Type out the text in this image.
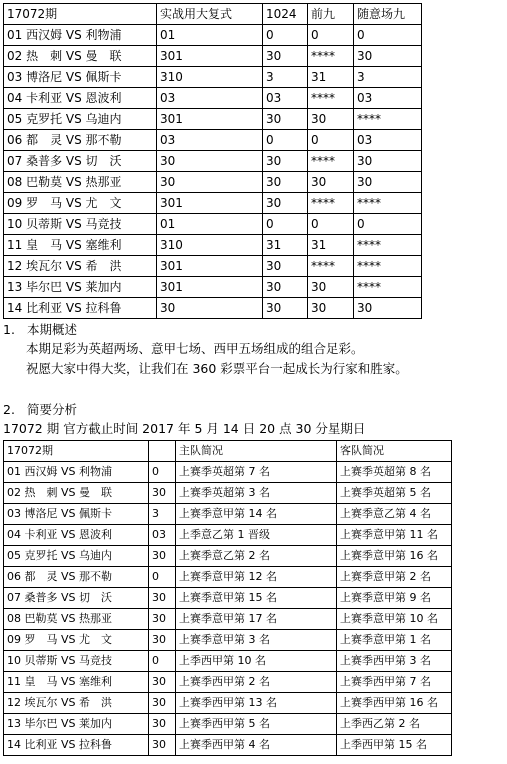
17072期	实战用大复式	1024	前九	随意场九
01 西汉姆 VS 利物浦	01	0	0	0
02 热　刺 VS 曼　联	301	30	****	30
03 博洛尼 VS 佩斯卡	310	3	31	3
04 卡利亚 VS 恩波利	03	03	****	03
05 克罗托 VS 乌迪内	301	30	30	****
06 都　灵 VS 那不勒	03	0	0	03
07 桑普多 VS 切　沃	30	30	****	30
08 巴勒莫 VS 热那亚	30	30	30	30
09 罗　马 VS 尤　文	301	30	****	****
10 贝蒂斯 VS 马竞技	01	0	0	0
11 皇　马 VS 塞维利	310	31	31	****
12 埃瓦尔 VS 希　洪	301	30	****	****
13 毕尔巴 VS 莱加内	301	30	30	****
14 比利亚 VS 拉科鲁	30	30	30	30
1. 本期概述
本期足彩为英超两场、意甲七场、西甲五场组成的组合足彩。
祝愿大家中得大奖，让我们在 360 彩票平台一起成长为行家和胜家。
2. 简要分析
17072 期 官方截止时间 2017 年 5 月 14 日 20 点 30 分星期日
17072期		主队简况	客队简况
01 西汉姆 VS 利物浦	0	上赛季英超第 7 名	上赛季英超第 8 名
02 热　刺 VS 曼　联	30	上赛季英超第 3 名	上赛季英超第 5 名
03 博洛尼 VS 佩斯卡	3	上赛季意甲第 14 名	上赛季意乙第 4 名
04 卡利亚 VS 恩波利	03	上季意乙第 1 晋级	上赛季意甲第 11 名
05 克罗托 VS 乌迪内	30	上赛季意乙第 2 名	上赛季意甲第 16 名
06 都　灵 VS 那不勒	0	上赛季意甲第 12 名	上赛季意甲第 2 名
07 桑普多 VS 切　沃	30	上赛季意甲第 15 名	上赛季意甲第 9 名
08 巴勒莫 VS 热那亚	30	上赛季意甲第 17 名	上赛季意甲第 10 名
09 罗　马 VS 尤　文	30	上赛季意甲第 3 名	上赛季意甲第 1 名
10 贝蒂斯 VS 马竞技	0	上季西甲第 10 名	上赛季西甲第 3 名
11 皇　马 VS 塞维利	30	上赛季西甲第 2 名	上赛季西甲第 7 名
12 埃瓦尔 VS 希　洪	30	上赛季西甲第 13 名	上赛季西甲第 16 名
13 毕尔巴 VS 莱加内	30	上赛季西甲第 5 名	上季西乙第 2 名
14 比利亚 VS 拉科鲁	30	上赛季西甲第 4 名	上季西甲第 15 名
